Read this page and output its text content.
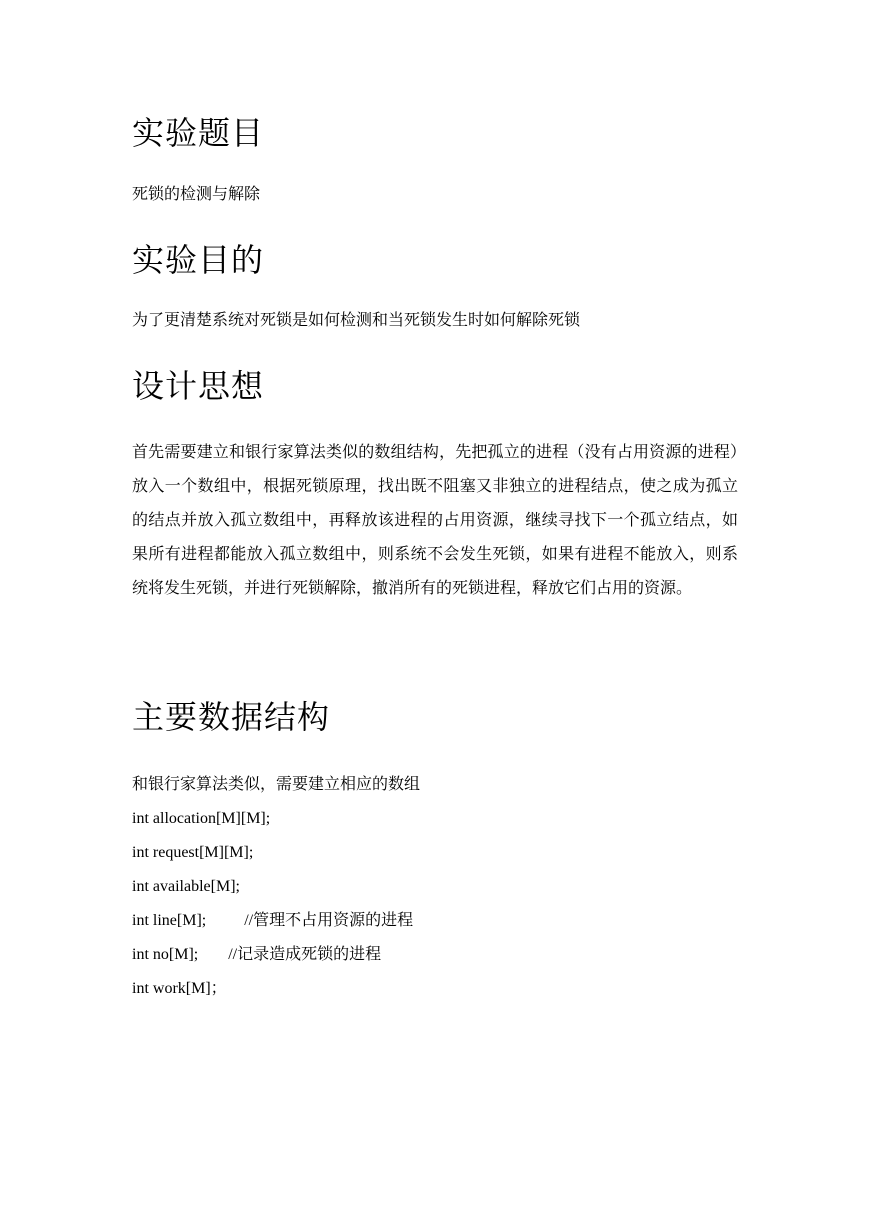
实验题目

死锁的检测与解除

实验目的

为了更清楚系统对死锁是如何检测和当死锁发生时如何解除死锁

设计思想

首先需要建立和银行家算法类似的数组结构，先把孤立的进程（没有占用资源的进程）放入一个数组中，根据死锁原理，找出既不阻塞又非独立的进程结点，使之成为孤立的结点并放入孤立数组中，再释放该进程的占用资源，继续寻找下一个孤立结点，如果所有进程都能放入孤立数组中，则系统不会发生死锁，如果有进程不能放入，则系统将发生死锁，并进行死锁解除，撤消所有的死锁进程，释放它们占用的资源。

主要数据结构

和银行家算法类似，需要建立相应的数组

int allocation[M][M];
int request[M][M];
int available[M];
int line[M]; //管理不占用资源的进程
int no[M]; //记录造成死锁的进程
int work[M]；
